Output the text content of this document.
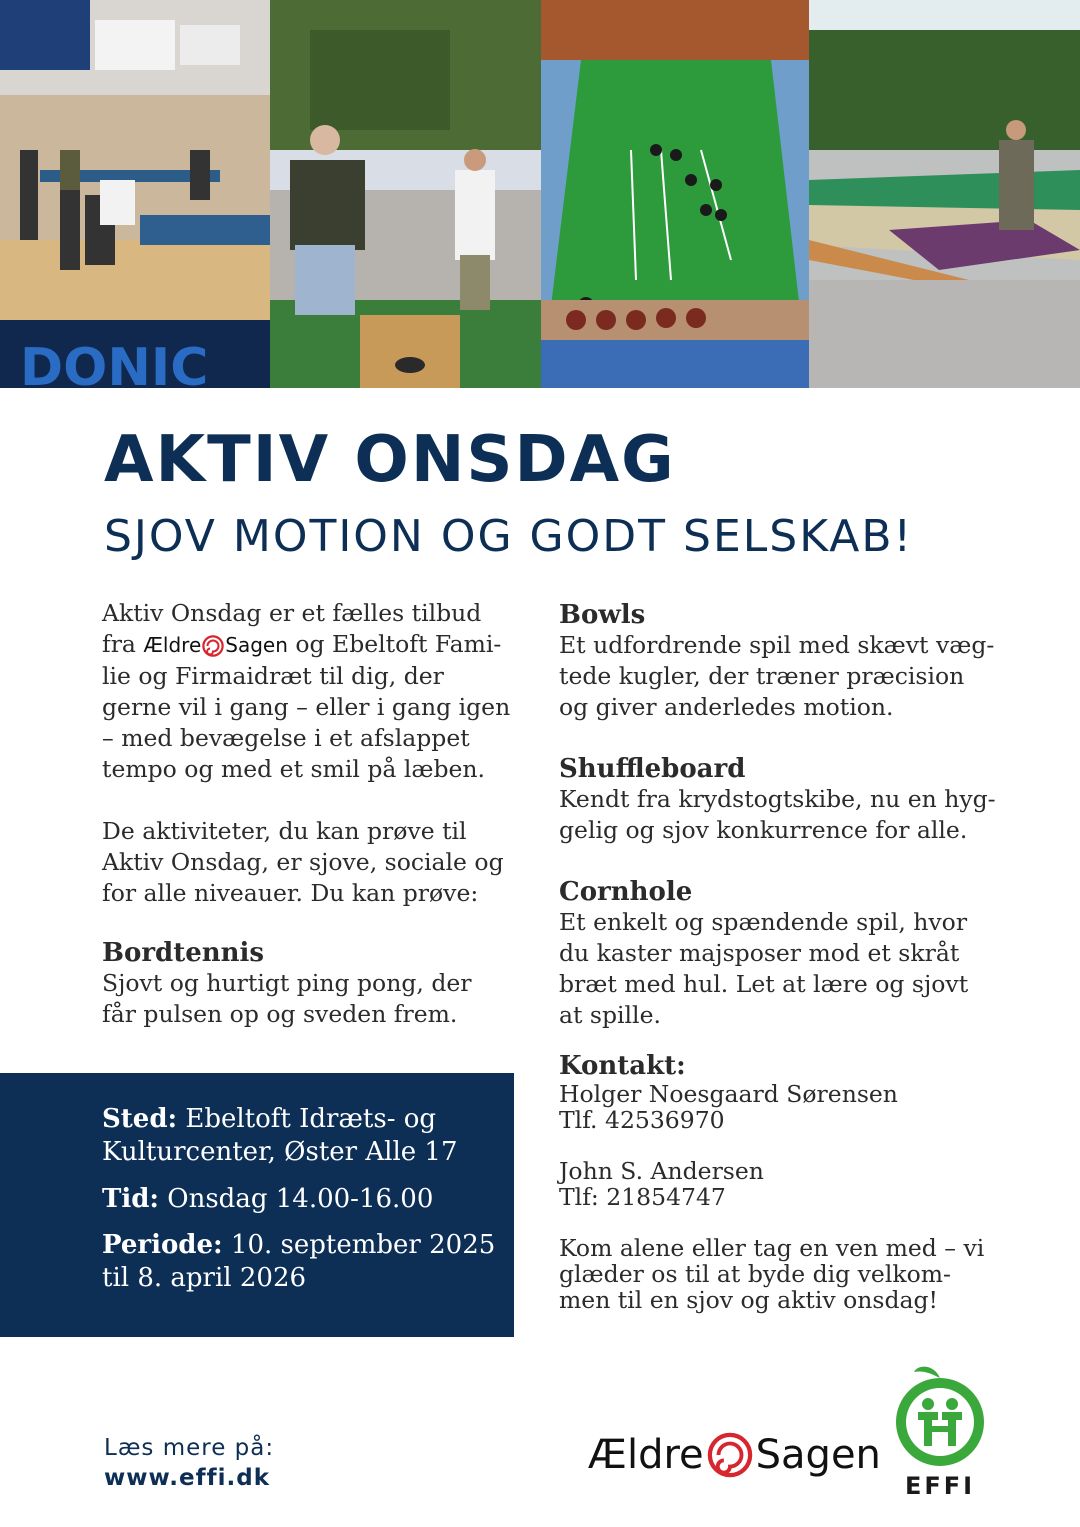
DONIC
AKTIV ONSDAG
SJOV MOTION OG GODT SELSKAB!

Aktiv Onsdag er et fælles tilbud
fra Ældre Sagen og Ebeltoft Fami- lie og Firmaidræt til dig, der gerne vil i gang – eller i gang igen – med bevægelse i et afslappet tempo og med et smil på læben.

De aktiviteter, du kan prøve til Aktiv Onsdag, er sjove, sociale og for alle niveauer. Du kan prøve:

Bordtennis

Sjovt og hurtigt ping pong, der får pulsen op og sveden frem.

Bowls

Et udfordrende spil med skævt væg-tede kugler, der træner præcision og giver anderledes motion.

Shuffleboard

Kendt fra krydstogtskibe, nu en hyg-gelig og sjov konkurrence for alle.

Cornhole

Et enkelt og spændende spil, hvor du kaster majsposer mod et skråt bræt med hul. Let at lære og sjovt at spille.

Kontakt:

Holger Noesgaard Sørensen
Tlf. 42536970

John S. Andersen
Tlf: 21854747

Kom alene eller tag en ven med – vi glæder os til at byde dig velkom-men til en sjov og aktiv onsdag!

Sted: Ebeltoft Idræts- og Kulturcenter, Øster Alle 17
Tid: Onsdag 14.00-16.00
Periode: 10. september 2025 til 8. april 2026
Læs mere på:
www.effi.dk	Ældre Sagen
EFFI
